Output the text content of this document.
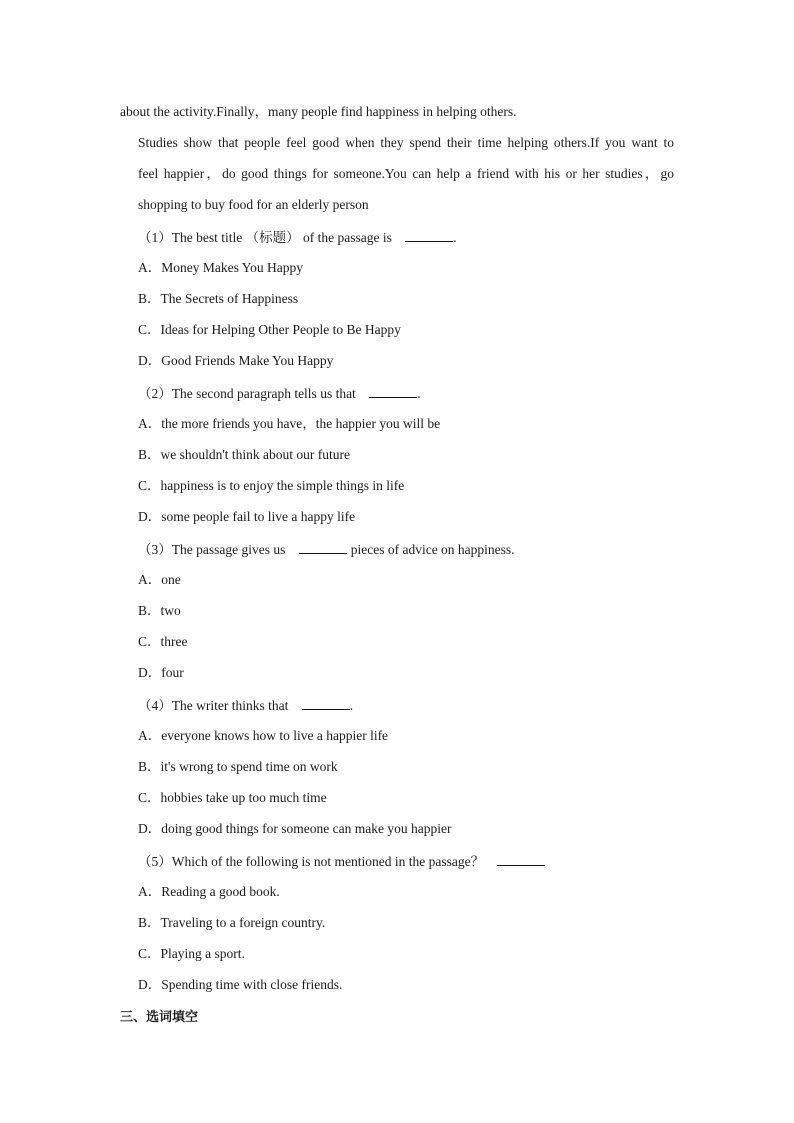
about the activity.Finally，many people find happiness in helping others.
Studies show that people feel good when they spend their time helping others.If you want to
feel happier，do good things for someone.You can help a friend with his or her studies，go
shopping to buy food for an elderly person
（1）The best title （标题） of the passage is	.
A．Money Makes You Happy
B．The Secrets of Happiness
C．Ideas for Helping Other People to Be Happy
D．Good Friends Make You Happy
（2）The second paragraph tells us that	.
A．the more friends you have，the happier you will be
B．we shouldn't think about our future
C．happiness is to enjoy the simple things in life
D．some people fail to live a happy life
（3）The passage gives us	pieces of advice on happiness.
A．one
B．two
C．three
D．four
（4）The writer thinks that	.
A．everyone knows how to live a happier life
B．it's wrong to spend time on work
C．hobbies take up too much time
D．doing good things for someone can make you happier
（5）Which of the following is not mentioned in the passage？
A．Reading a good book.
B．Traveling to a foreign country.
C．Playing a sport.
D．Spending time with close friends.
三、选词填空
